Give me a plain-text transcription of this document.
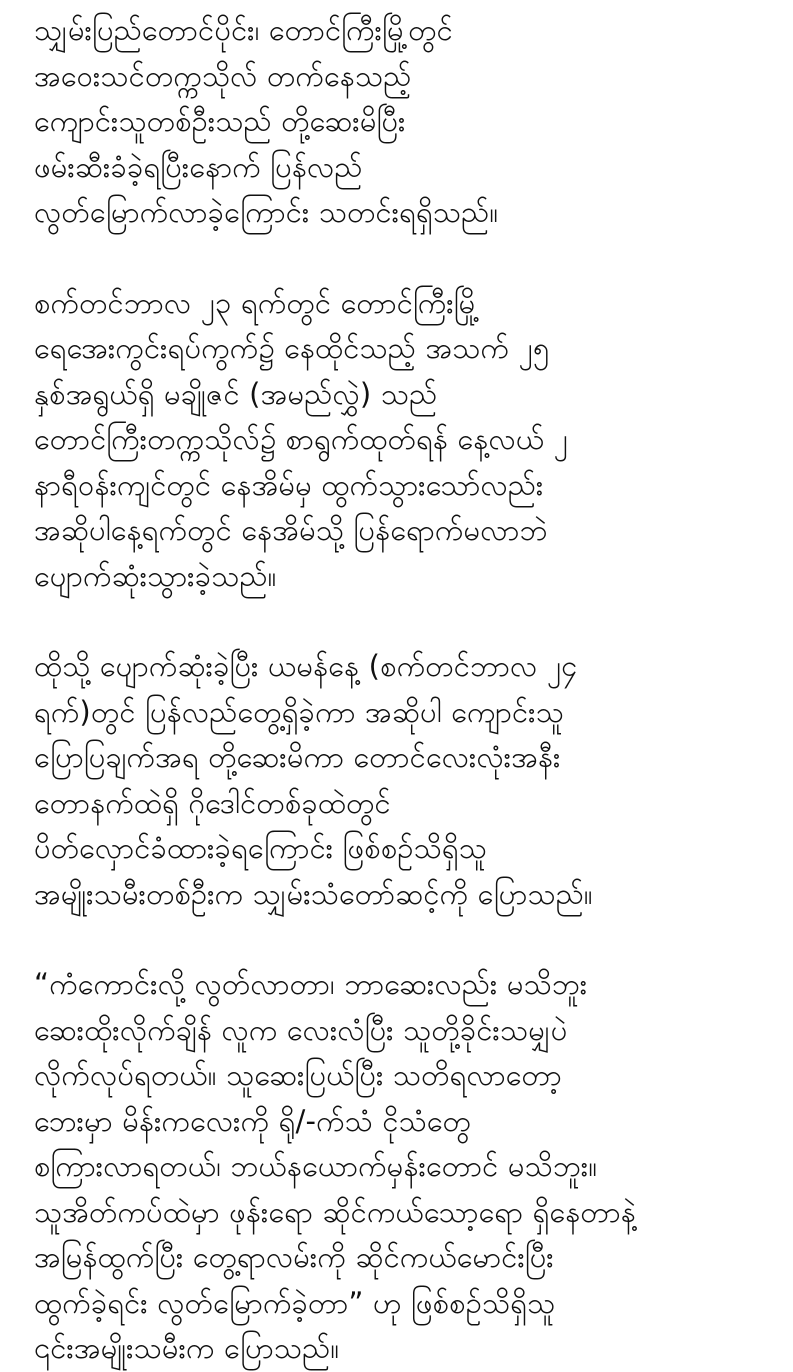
သျှမ်းပြည်တောင်ပိုင်း၊ တောင်ကြီးမြို့တွင်
အဝေးသင်တက္ကသိုလ် တက်နေသည့်
ကျောင်းသူတစ်ဦးသည် တို့ဆေးမိပြီး
ဖမ်းဆီးခံခဲ့ရပြီးနောက် ပြန်လည်
လွတ်မြောက်လာခဲ့ကြောင်း သတင်းရရှိသည်။
စက်တင်ဘာလ ၂၃ ရက်တွင် တောင်ကြီးမြို့
ရေအေးကွင်းရပ်ကွက်၌ နေထိုင်သည့် အသက် ၂၅
နှစ်အရွယ်ရှိ မချိုဇင် (အမည်လွှဲ) သည်
တောင်ကြီးတက္ကသိုလ်၌ စာရွက်ထုတ်ရန် နေ့လယ် ၂
နာရီဝန်းကျင်တွင် နေအိမ်မှ ထွက်သွားသော်လည်း
အဆိုပါနေ့ရက်တွင် နေအိမ်သို့ ပြန်ရောက်မလာဘဲ
ပျောက်ဆုံးသွားခဲ့သည်။
ထိုသို့ ပျောက်ဆုံးခဲ့ပြီး ယမန်နေ့ (စက်တင်ဘာလ ၂၄
ရက်)တွင် ပြန်လည်တွေ့ရှိခဲ့ကာ အဆိုပါ ကျောင်းသူ
ပြောပြချက်အရ တို့ဆေးမိကာ တောင်လေးလုံးအနီး
တောနက်ထဲရှိ ဂိုဒေါင်တစ်ခုထဲတွင်
ပိတ်လှောင်ခံထားခဲ့ရကြောင်း ဖြစ်စဉ်သိရှိသူ
အမျိုးသမီးတစ်ဦးက သျှမ်းသံတော်ဆင့်ကို ပြောသည်။
“ကံကောင်းလို့ လွတ်လာတာ၊ ဘာဆေးလည်း မသိဘူး
ဆေးထိုးလိုက်ချိန် လူက လေးလံပြီး သူတို့ခိုင်းသမျှပဲ
လိုက်လုပ်ရတယ်။ သူဆေးပြယ်ပြီး သတိရလာတော့
ဘေးမှာ မိန်းကလေးကို ရို/-က်သံ ငိုသံတွေ
စကြားလာရတယ်၊ ဘယ်နယောက်မှန်းတောင် မသိဘူး။
သူအိတ်ကပ်ထဲမှာ ဖုန်းရော ဆိုင်ကယ်သော့ရော ရှိနေတာနဲ့
အမြန်ထွက်ပြီး တွေ့ရာလမ်းကို ဆိုင်ကယ်မောင်းပြီး
ထွက်ခဲ့ရင်း လွတ်မြောက်ခဲ့တာ” ဟု ဖြစ်စဉ်သိရှိသူ
၎င်းအမျိုးသမီးက ပြောသည်။
